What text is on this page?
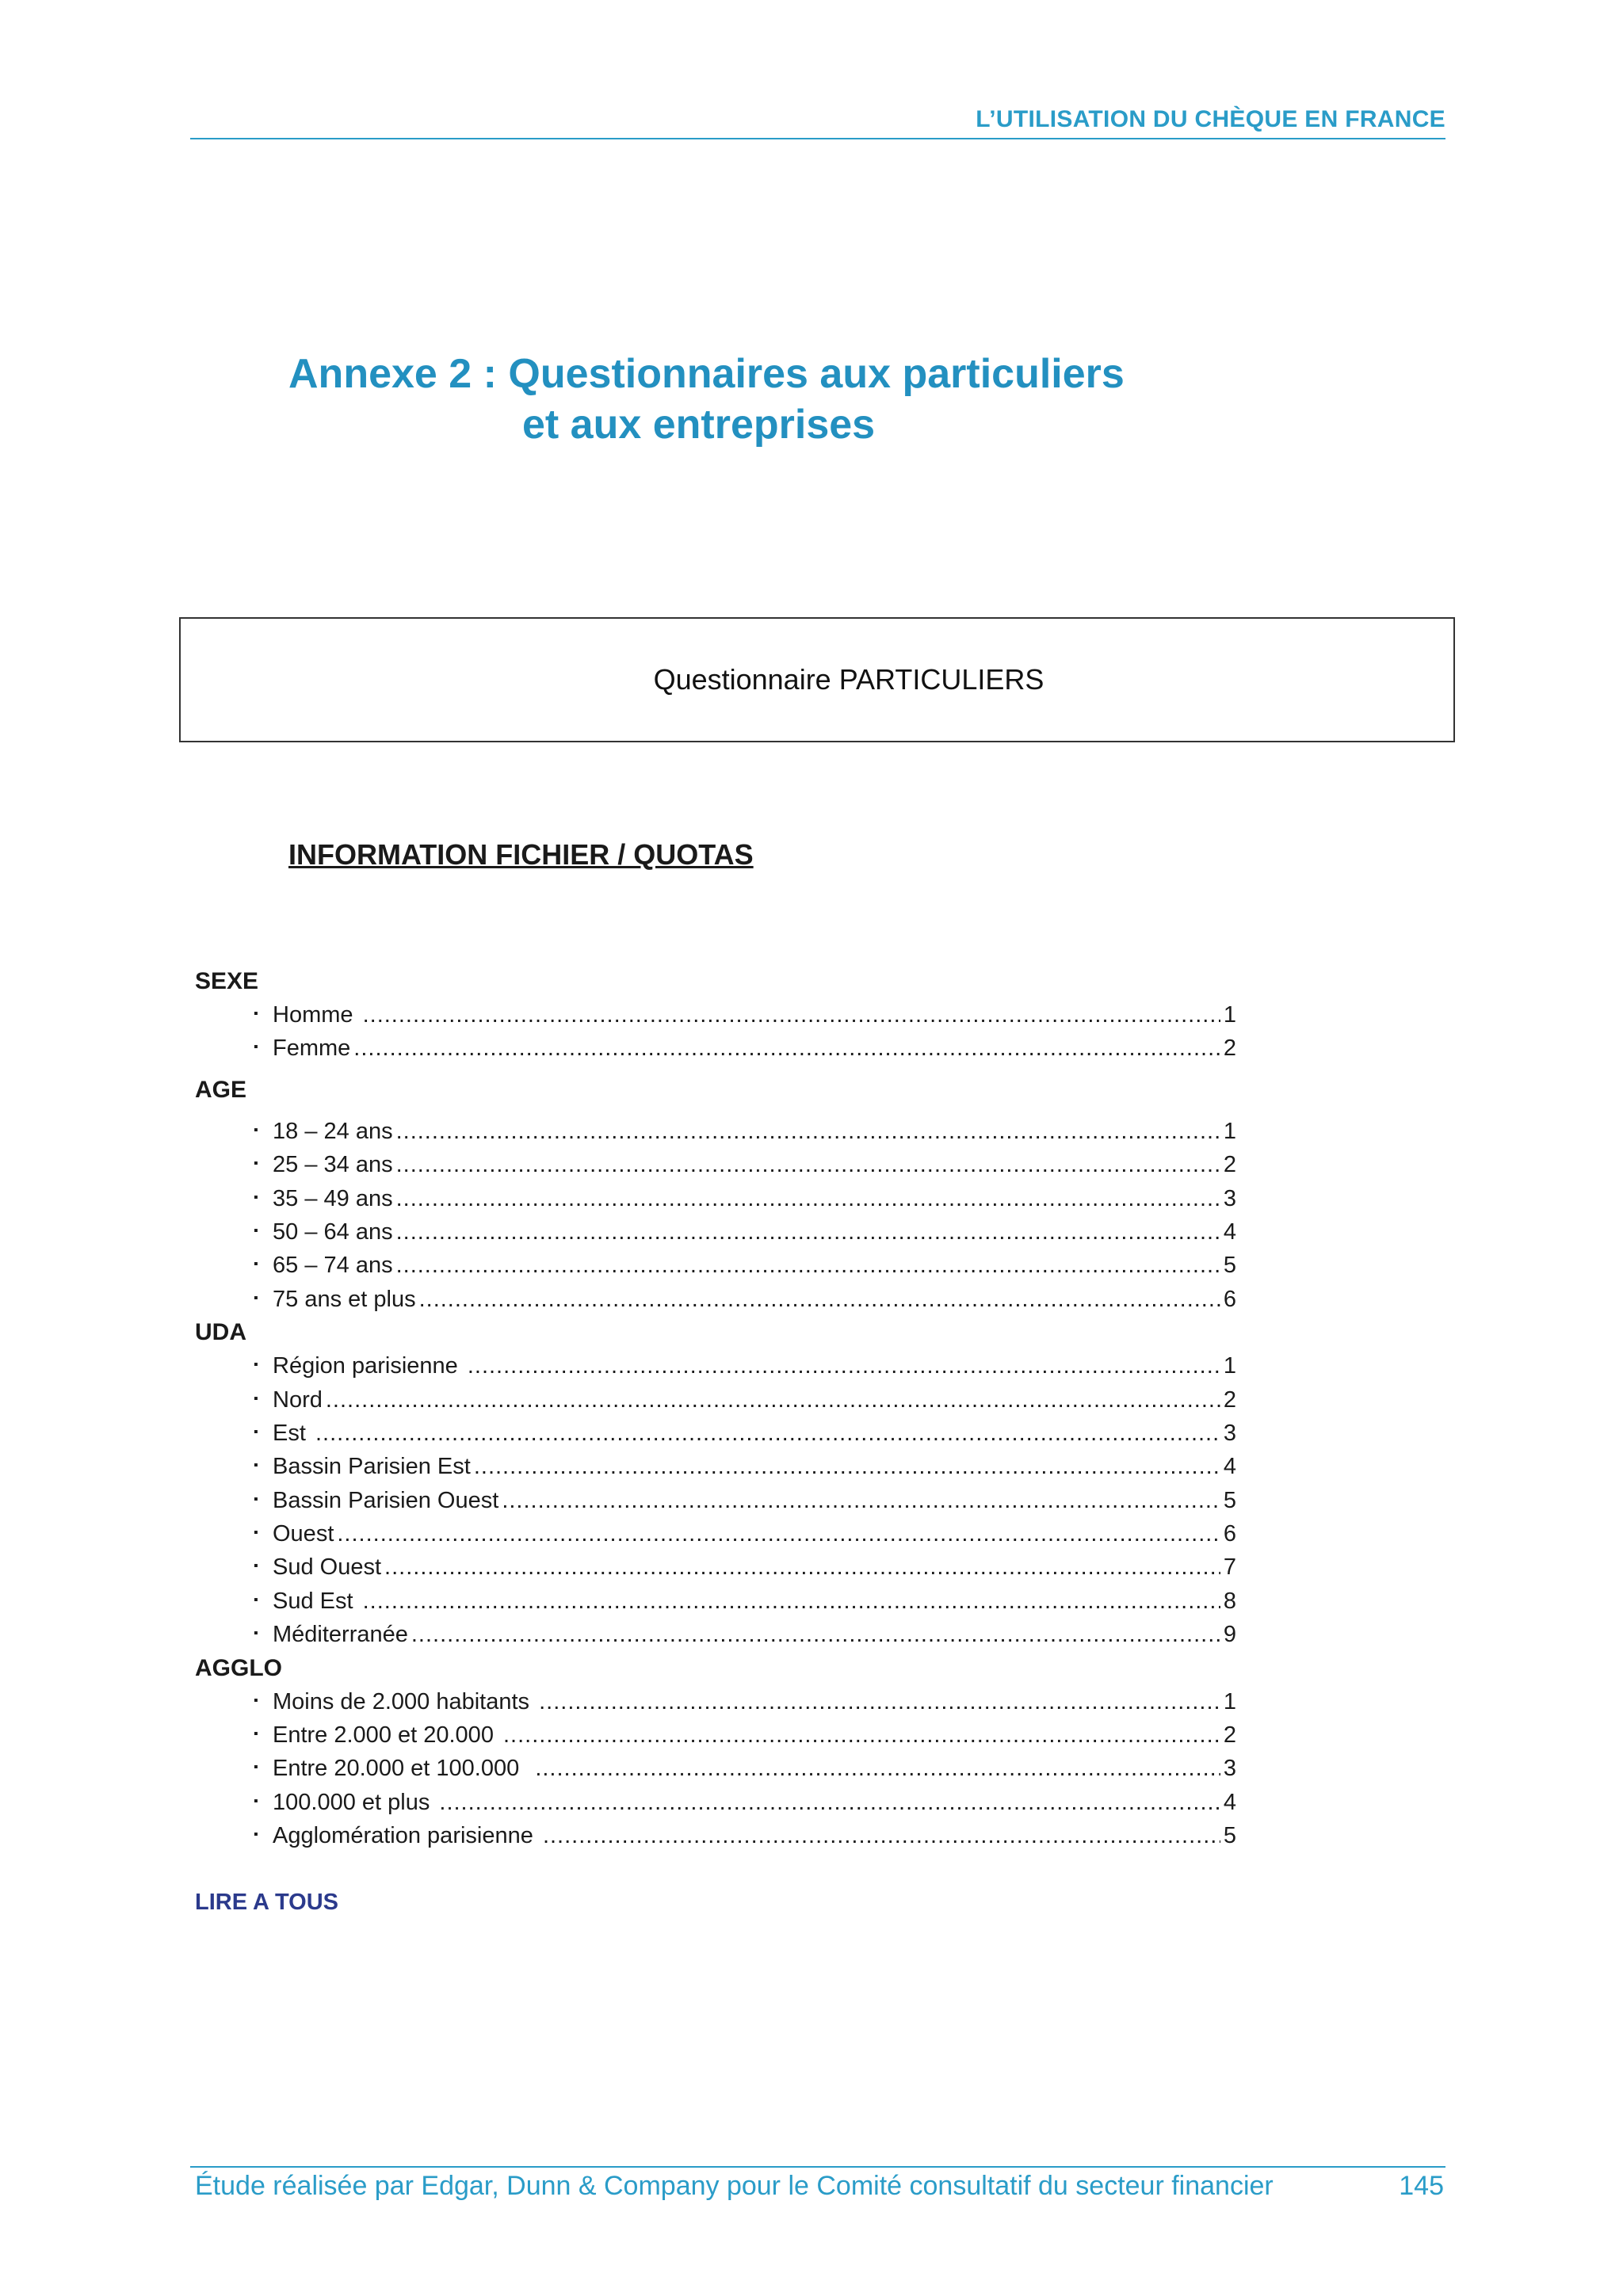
L’UTILISATION DU CHÈQUE EN FRANCE
Annexe 2 : Questionnaires aux particuliers
et aux entreprises
Questionnaire PARTICULIERS
INFORMATION FICHIER / QUOTAS
SEXE
▪ Homme .....	1
▪ Femme .....	2
AGE
▪ 18 – 24 ans .....	1
▪ 25 – 34 ans .....	2
▪ 35 – 49 ans .....	3
▪ 50 – 64 ans .....	4
▪ 65 – 74 ans .....	5
▪ 75 ans et plus .....	6
UDA
▪ Région parisienne .....	1
▪ Nord .....	2
▪ Est .....	3
▪ Bassin Parisien Est .....	4
▪ Bassin Parisien Ouest .....	5
▪ Ouest .....	6
▪ Sud Ouest .....	7
▪ Sud Est .....	8
▪ Méditerranée .....	9
AGGLO
▪ Moins de 2.000 habitants .....	1
▪ Entre 2.000 et 20.000 .....	2
▪ Entre 20.000 et 100.000 .....	3
▪ 100.000 et plus .....	4
▪ Agglomération parisienne .....	5
LIRE A TOUS
Étude réalisée par Edgar, Dunn & Company pour le Comité consultatif du secteur financier	145
